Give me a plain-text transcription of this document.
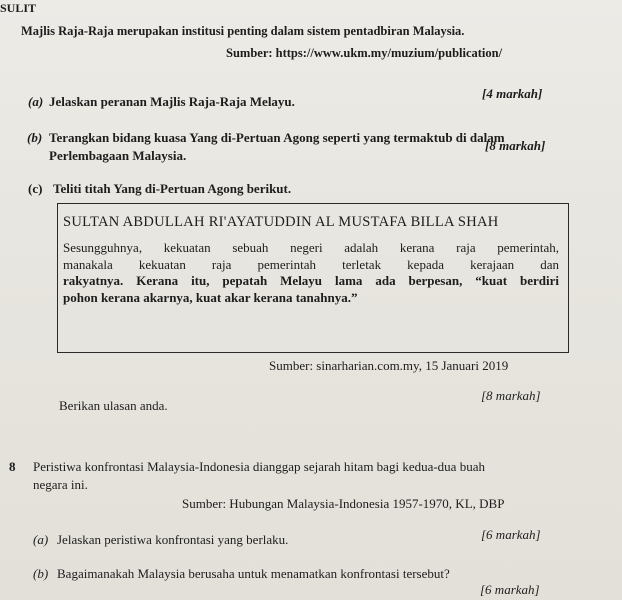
SULIT
Majlis Raja-Raja merupakan institusi penting dalam sistem pentadbiran Malaysia.
Sumber: https://www.ukm.my/muzium/publication/
(a) Jelaskan peranan Majlis Raja-Raja Melayu.
[4 markah]
(b) Terangkan bidang kuasa Yang di-Pertuan Agong seperti yang termaktub di dalam
Perlembagaan Malaysia.
[8 markah]
(c) Teliti titah Yang di-Pertuan Agong berikut.
SULTAN ABDULLAH RI'AYATUDDIN AL MUSTAFA BILLA SHAH
Sesungguhnya, kekuatan sebuah negeri adalah kerana raja pemerintah,
manakala kekuatan raja pemerintah terletak kepada kerajaan dan
rakyatnya. Kerana itu, pepatah Melayu lama ada berpesan, “kuat berdiri
pohon kerana akarnya, kuat akar kerana tanahnya.”
Sumber: sinarharian.com.my, 15 Januari 2019
Berikan ulasan anda.
[8 markah]
8 Peristiwa konfrontasi Malaysia-Indonesia dianggap sejarah hitam bagi kedua-dua buah
negara ini.
Sumber: Hubungan Malaysia-Indonesia 1957-1970, KL, DBP
(a) Jelaskan peristiwa konfrontasi yang berlaku.	[6 markah]
(b) Bagaimanakah Malaysia berusaha untuk menamatkan konfrontasi tersebut?
[6 markah]
